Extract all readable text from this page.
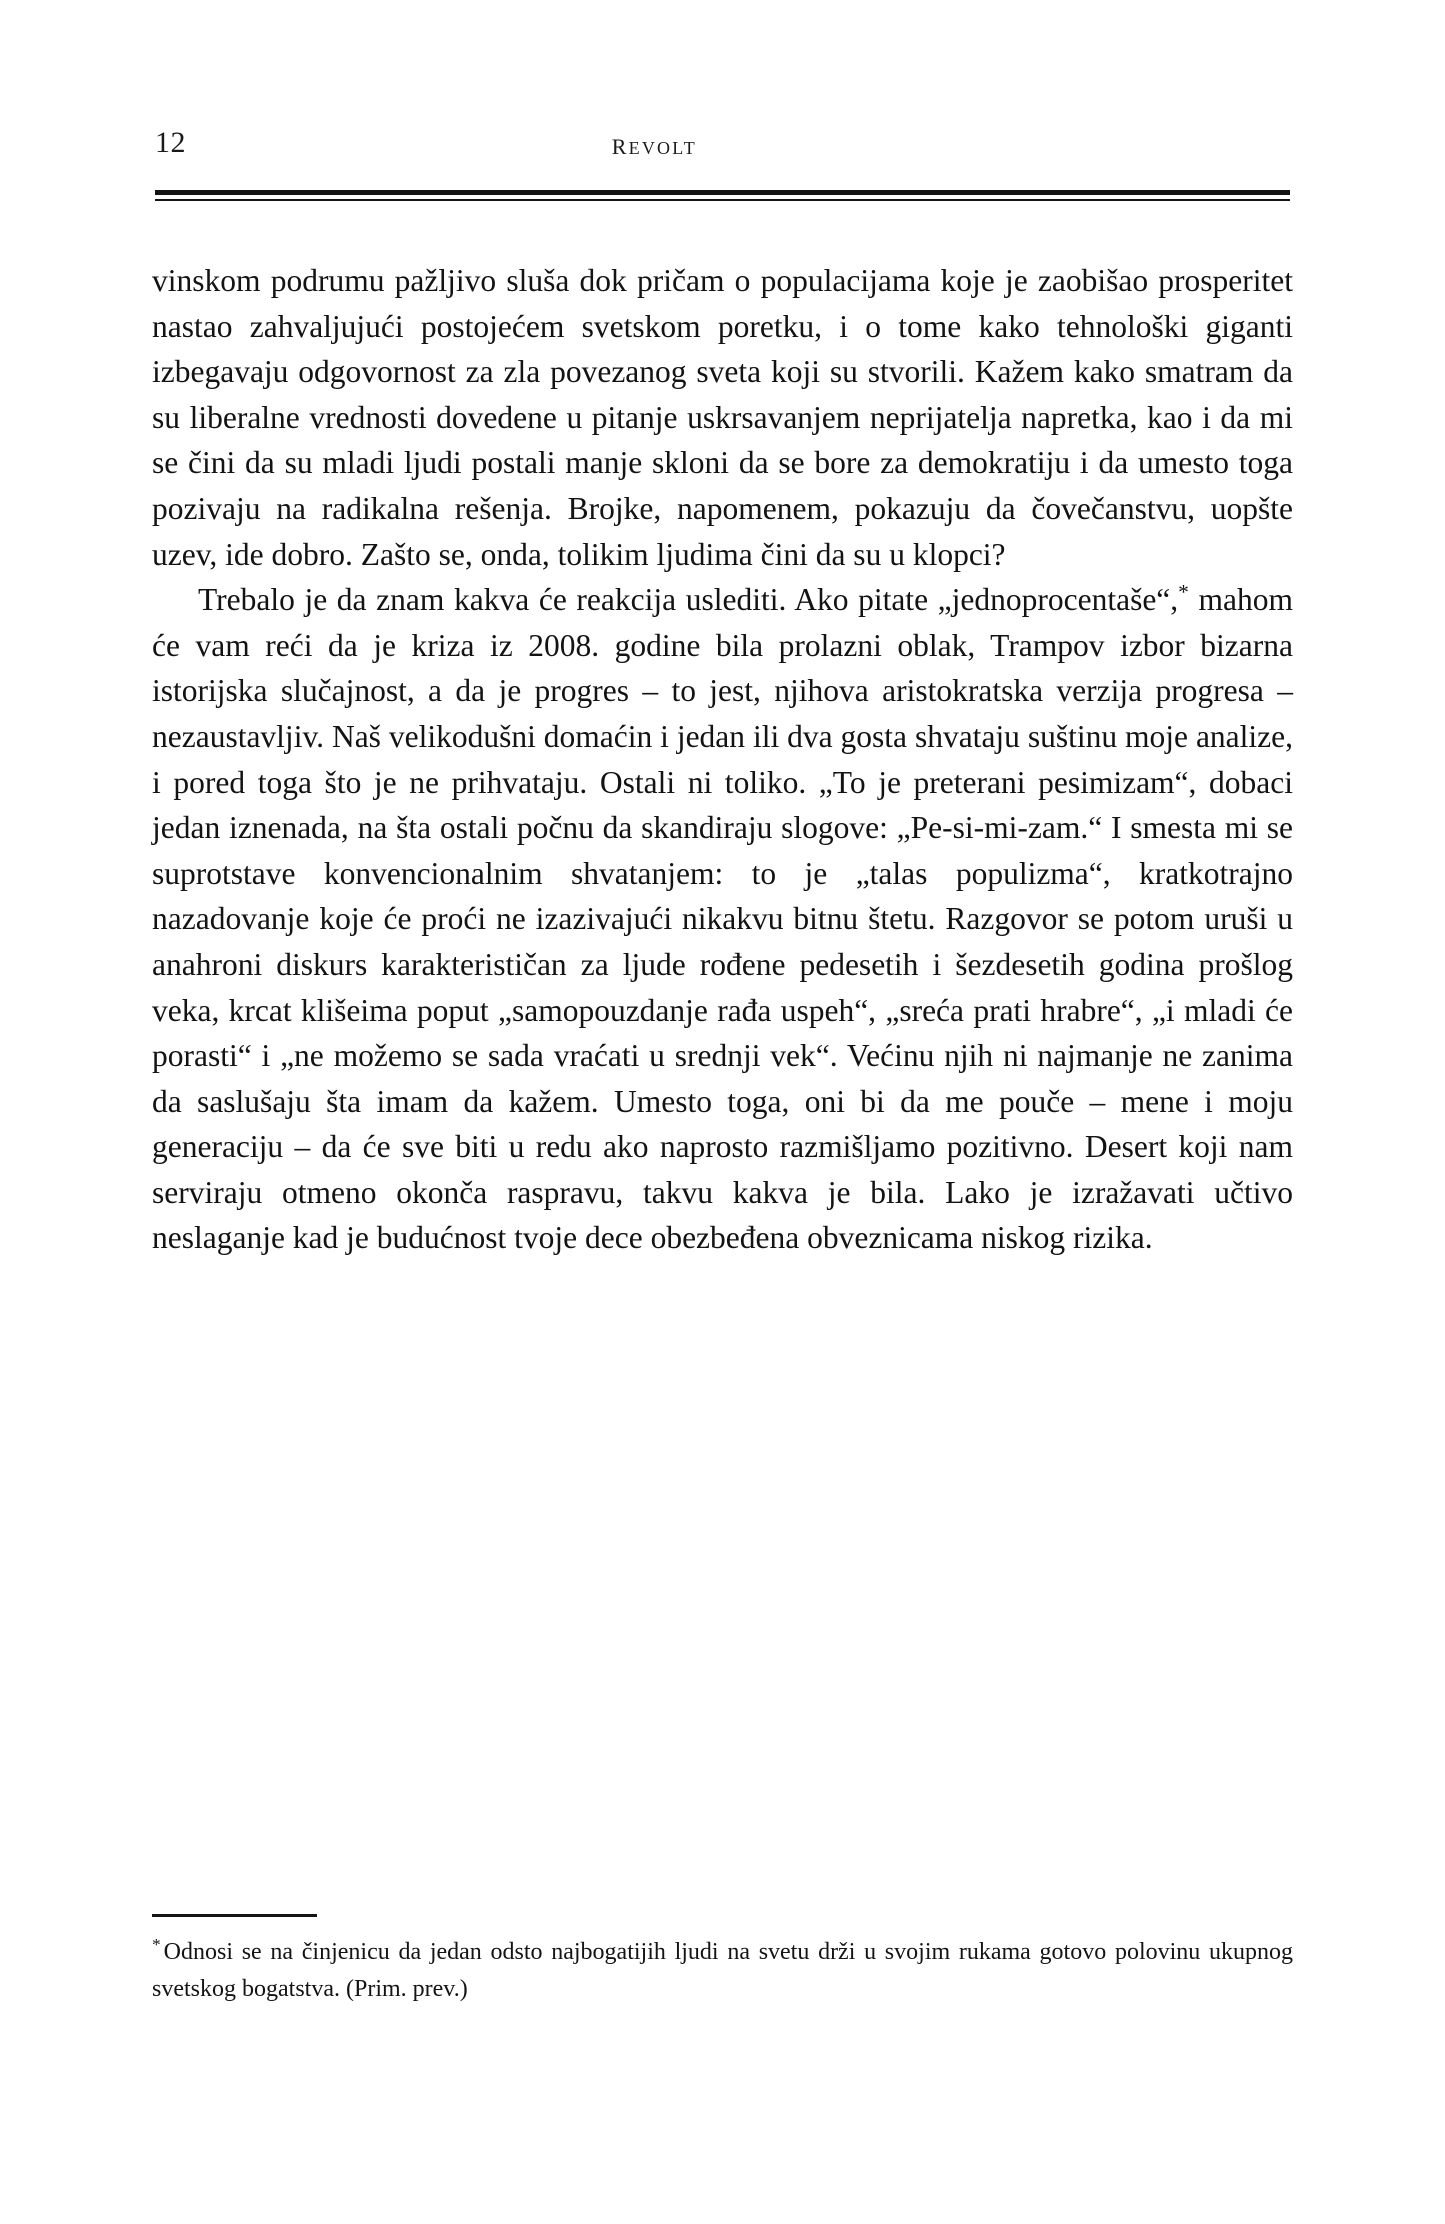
12	revolt

vinskom podrumu pažljivo sluša dok pričam o populacijama koje je zaobišao prosperitet nastao zahvaljujući postojećem svetskom poretku, i o tome kako tehnološki giganti izbegavaju odgovornost za zla povezanog sveta koji su stvorili. Kažem kako smatram da su liberalne vrednosti dovedene u pitanje uskrsavanjem neprijatelja napretka, kao i da mi se čini da su mladi ljudi postali manje skloni da se bore za demokratiju i da umesto toga pozivaju na radikalna rešenja. Brojke, napomenem, pokazuju da čovečanstvu, uopšte uzev, ide dobro. Zašto se, onda, tolikim ljudima čini da su u klopci?

Trebalo je da znam kakva će reakcija uslediti. Ako pitate „jednoprocentaše“,* mahom će vam reći da je kriza iz 2008. godine bila prolazni oblak, Trampov izbor bizarna istorijska slučajnost, a da je progres – to jest, njihova aristokratska verzija progresa – nezaustavljiv. Naš velikodušni domaćin i jedan ili dva gosta shvataju suštinu moje analize, i pored toga što je ne prihvataju. Ostali ni toliko. „To je preterani pesimizam“, dobaci jedan iznenada, na šta ostali počnu da skandiraju slogove: „Pe-si-mi-zam.“ I smesta mi se suprotstave konvencionalnim shvatanjem: to je „talas populizma“, kratkotrajno nazadovanje koje će proći ne izazivajući nikakvu bitnu štetu. Razgovor se potom uruši u anahroni diskurs karakterističan za ljude rođene pedesetih i šezdesetih godina prošlog veka, krcat klišeima poput „samopouzdanje rađa uspeh“, „sreća prati hrabre“, „i mladi će porasti“ i „ne možemo se sada vraćati u srednji vek“. Većinu njih ni najmanje ne zanima da saslušaju šta imam da kažem. Umesto toga, oni bi da me pouče – mene i moju generaciju – da će sve biti u redu ako naprosto razmišljamo pozitivno. Desert koji nam serviraju otmeno okonča raspravu, takvu kakva je bila. Lako je izražavati učtivo neslaganje kad je budućnost tvoje dece obezbeđena obveznicama niskog rizika.

* Odnosi se na činjenicu da jedan odsto najbogatijih ljudi na svetu drži u svojim rukama gotovo polovinu ukupnog svetskog bogatstva. (Prim. prev.)
